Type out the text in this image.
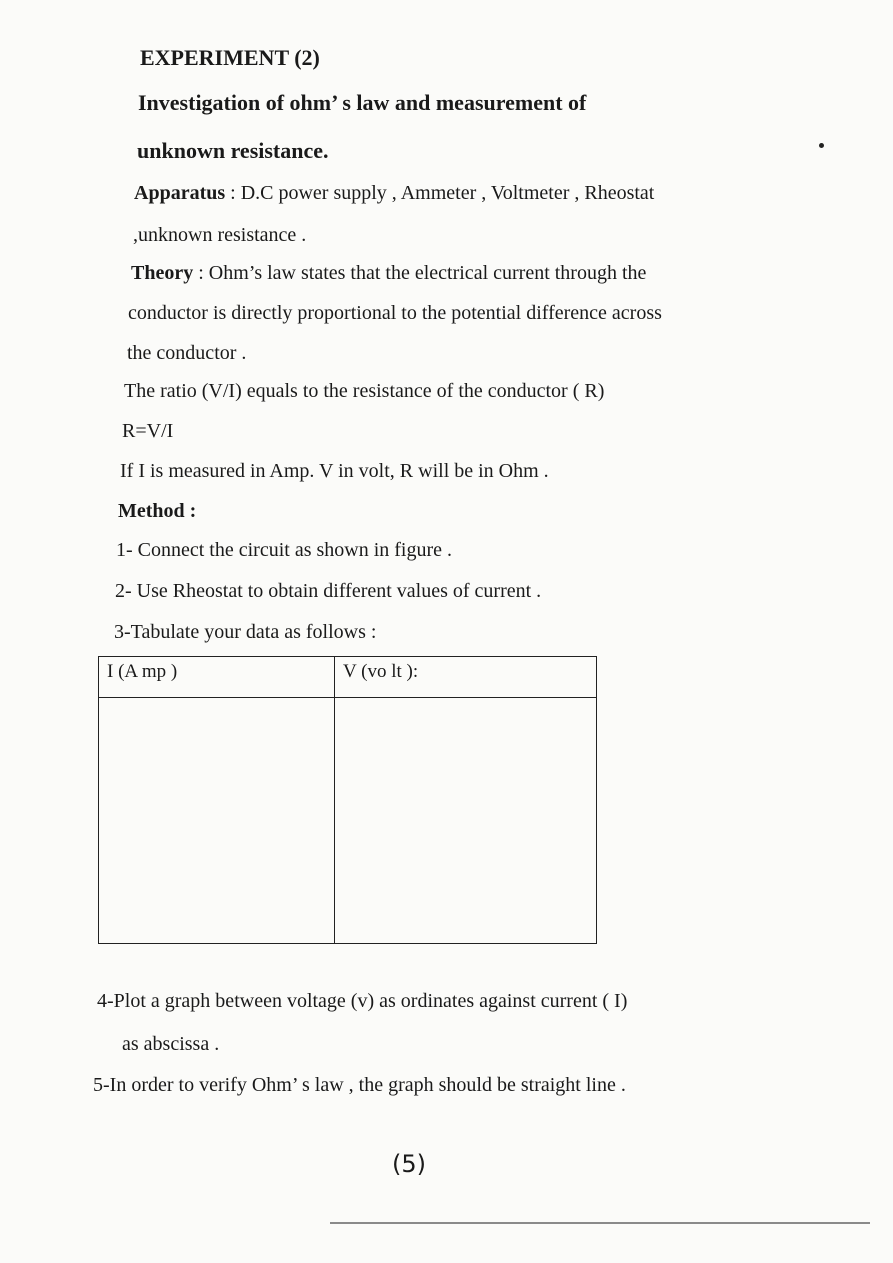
EXPERIMENT (2)
Investigation of ohm’ s law and measurement of
unknown resistance.
Apparatus : D.C power supply , Ammeter , Voltmeter , Rheostat
,unknown resistance .
Theory : Ohm’s law states that the electrical current through the
conductor is directly proportional to the potential difference across
the conductor .
The ratio (V/I) equals to the resistance of the conductor ( R)
R=V/I
If I is measured in Amp. V in volt, R will be in Ohm .
Method :
1- Connect the circuit as shown in figure .
2- Use Rheostat to obtain different values of current .
3-Tabulate your data as follows :
I (A mp )	V (vo lt ):

4-Plot a graph between voltage (v) as ordinates against current ( I)
as abscissa .
5-In order to verify Ohm’ s law , the graph should be straight line .
(5)
